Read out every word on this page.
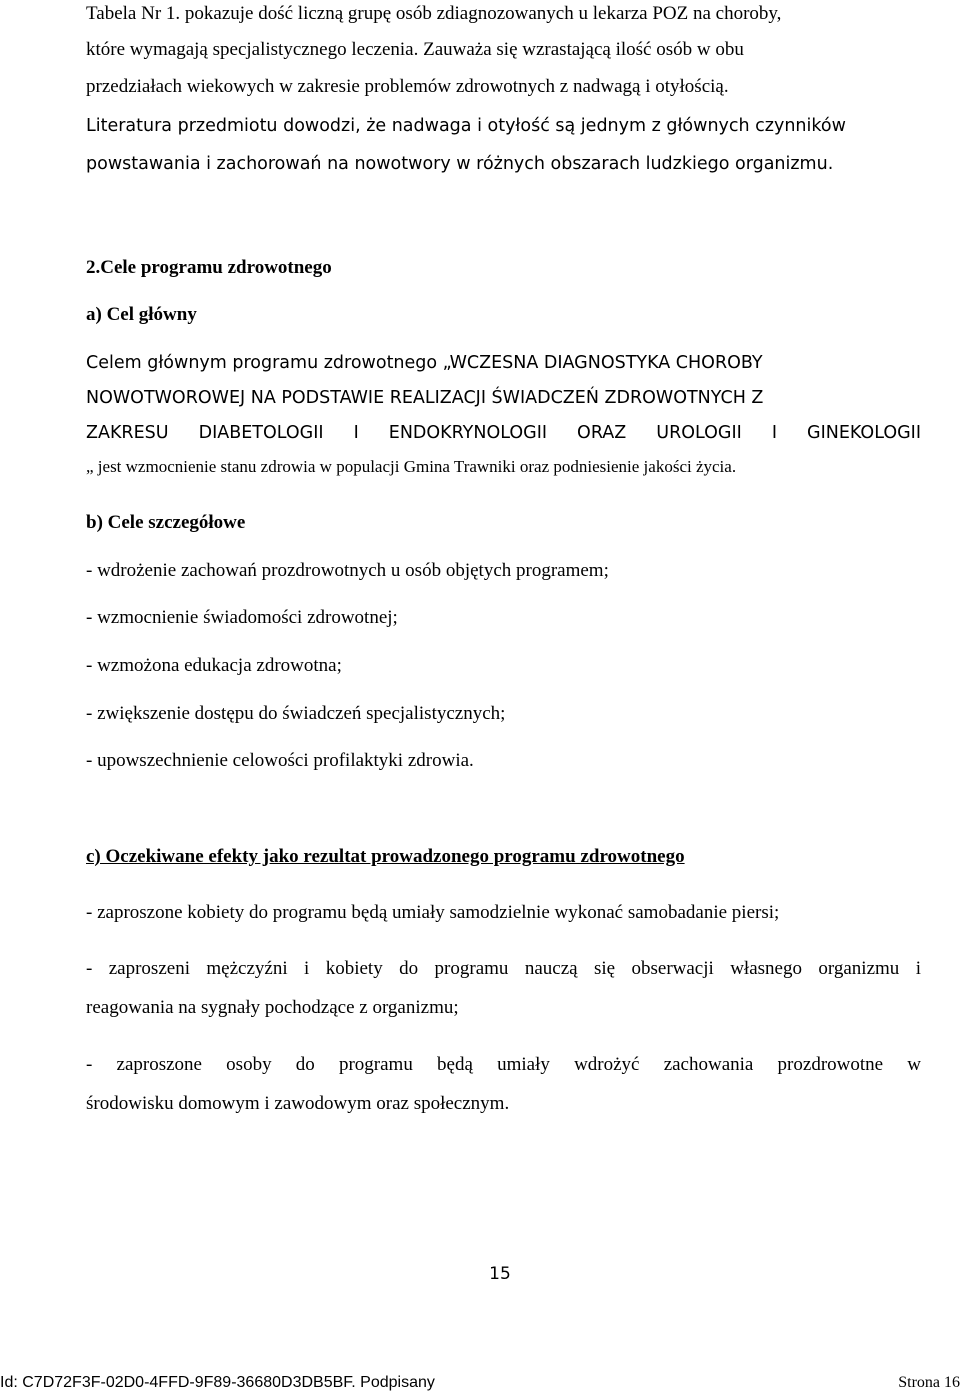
Tabela Nr 1. pokazuje dość liczną grupę osób zdiagnozowanych u lekarza POZ na choroby,
które wymagają specjalistycznego leczenia. Zauważa się wzrastającą ilość osób w obu
przedziałach wiekowych w zakresie problemów zdrowotnych z nadwagą i otyłością.
Literatura przedmiotu dowodzi, że nadwaga i otyłość są jednym z głównych czynników
powstawania i zachorowań na nowotwory w różnych obszarach ludzkiego organizmu.
2.Cele programu zdrowotnego
a) Cel główny
Celem głównym programu zdrowotnego „WCZESNA DIAGNOSTYKA CHOROBY
NOWOTWOROWEJ NA PODSTAWIE REALIZACJI ŚWIADCZEŃ ZDROWOTNYCH Z
ZAKRESU DIABETOLOGII I ENDOKRYNOLOGII ORAZ UROLOGII I GINEKOLOGII
„ jest wzmocnienie stanu zdrowia w populacji Gmina Trawniki oraz podniesienie jakości życia.
b) Cele szczegółowe
- wdrożenie zachowań prozdrowotnych u osób objętych programem;
- wzmocnienie świadomości zdrowotnej;
- wzmożona edukacja zdrowotna;
- zwiększenie dostępu do świadczeń specjalistycznych;
- upowszechnienie celowości profilaktyki zdrowia.
c) Oczekiwane efekty jako rezultat prowadzonego programu zdrowotnego
- zaproszone kobiety do programu będą umiały samodzielnie wykonać samobadanie piersi;
- zaproszeni mężczyźni i kobiety do programu nauczą się obserwacji własnego organizmu i
reagowania na sygnały pochodzące z organizmu;
- zaproszone osoby do programu będą umiały wdrożyć zachowania prozdrowotne w
środowisku domowym i zawodowym oraz społecznym.
15
Id: C7D72F3F-02D0-4FFD-9F89-36680D3DB5BF. Podpisany	Strona 16
